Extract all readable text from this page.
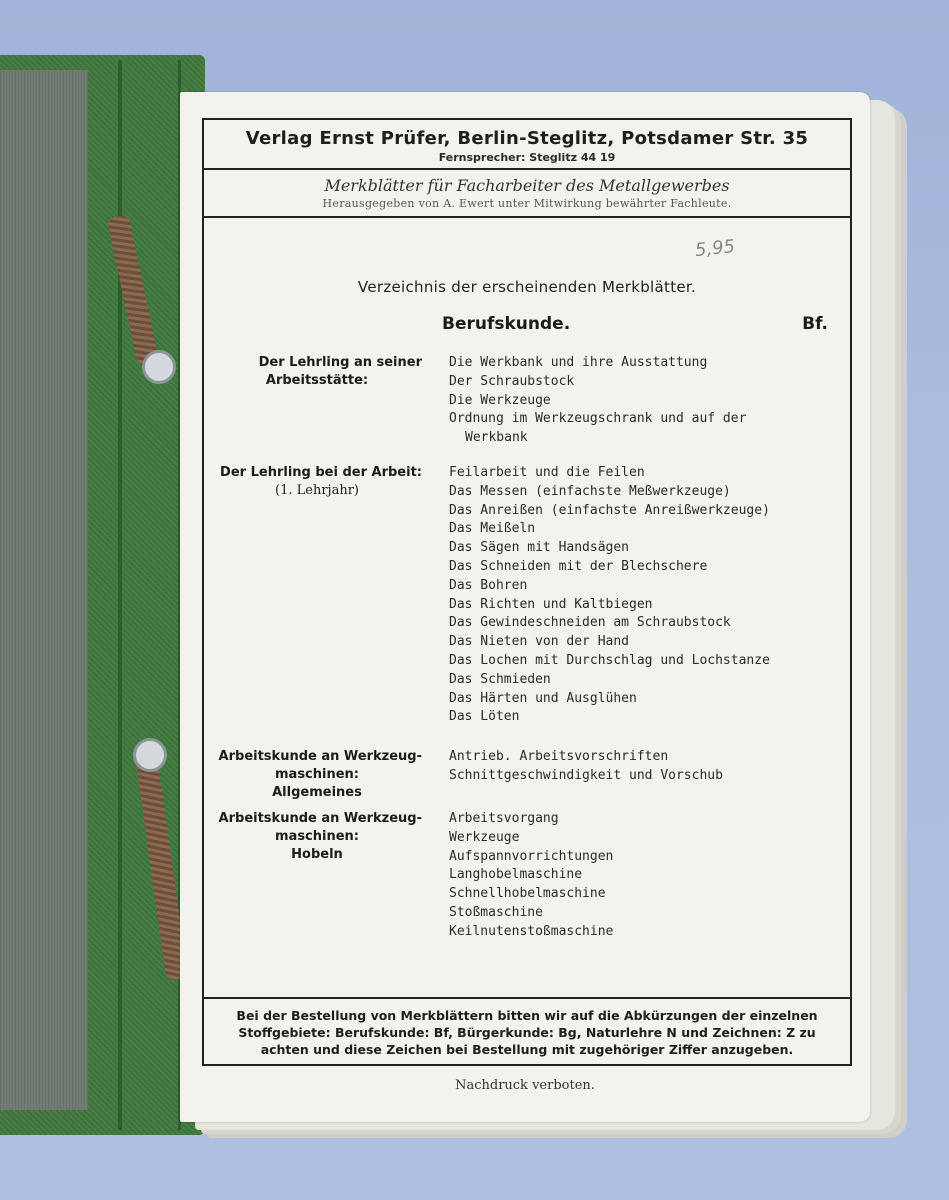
Verlag Ernst Prüfer, Berlin-Steglitz, Potsdamer Str. 35
Fernsprecher: Steglitz 44 19
Merkblätter für Facharbeiter des Metallgewerbes
Herausgegeben von A. Ewert unter Mitwirkung bewährter Fachleute.
5,95
Verzeichnis der erscheinenden Merkblätter.
Berufskunde.	Bf.
Der Lehrling an seiner
Arbeitsstätte:
Die Werkbank und ihre Ausstattung
Der Schraubstock
Die Werkzeuge
Ordnung im Werkzeugschrank und auf der
Werkbank
Der Lehrling bei der Arbeit:
(1. Lehrjahr)
Feilarbeit und die Feilen
Das Messen (einfachste Meßwerkzeuge)
Das Anreißen (einfachste Anreißwerkzeuge)
Das Meißeln
Das Sägen mit Handsägen
Das Schneiden mit der Blechschere
Das Bohren
Das Richten und Kaltbiegen
Das Gewindeschneiden am Schraubstock
Das Nieten von der Hand
Das Lochen mit Durchschlag und Lochstanze
Das Schmieden
Das Härten und Ausglühen
Das Löten
Arbeitskunde an Werkzeug-
maschinen:
Allgemeines
Antrieb. Arbeitsvorschriften
Schnittgeschwindigkeit und Vorschub
Arbeitskunde an Werkzeug-
maschinen:
Hobeln
Arbeitsvorgang
Werkzeuge
Aufspannvorrichtungen
Langhobelmaschine
Schnellhobelmaschine
Stoßmaschine
Keilnutenstoßmaschine
Bei der Bestellung von Merkblättern bitten wir auf die Abkürzungen der einzelnen Stoffgebiete: Berufskunde: Bf, Bürgerkunde: Bg, Naturlehre N und Zeichnen: Z zu achten und diese Zeichen bei Bestellung mit zugehöriger Ziffer anzugeben.
Nachdruck verboten.
